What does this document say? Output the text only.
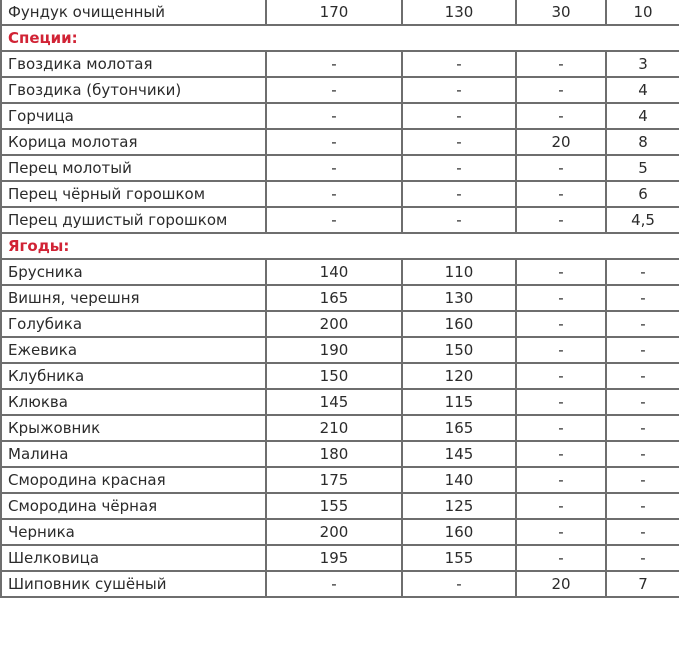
Фундук очищенный	170	130	30	10
Специи:				
Гвоздика молотая	-	-	-	3
Гвоздика (бутончики)	-	-	-	4
Горчица	-	-	-	4
Корица молотая	-	-	20	8
Перец молотый	-	-	-	5
Перец чёрный горошком	-	-	-	6
Перец душистый горошком	-	-	-	4,5
Ягоды:				
Брусника	140	110	-	-
Вишня, черешня	165	130	-	-
Голубика	200	160	-	-
Ежевика	190	150	-	-
Клубника	150	120	-	-
Клюква	145	115	-	-
Крыжовник	210	165	-	-
Малина	180	145	-	-
Смородина красная	175	140	-	-
Смородина чёрная	155	125	-	-
Черника	200	160	-	-
Шелковица	195	155	-	-
Шиповник сушёный	-	-	20	7
